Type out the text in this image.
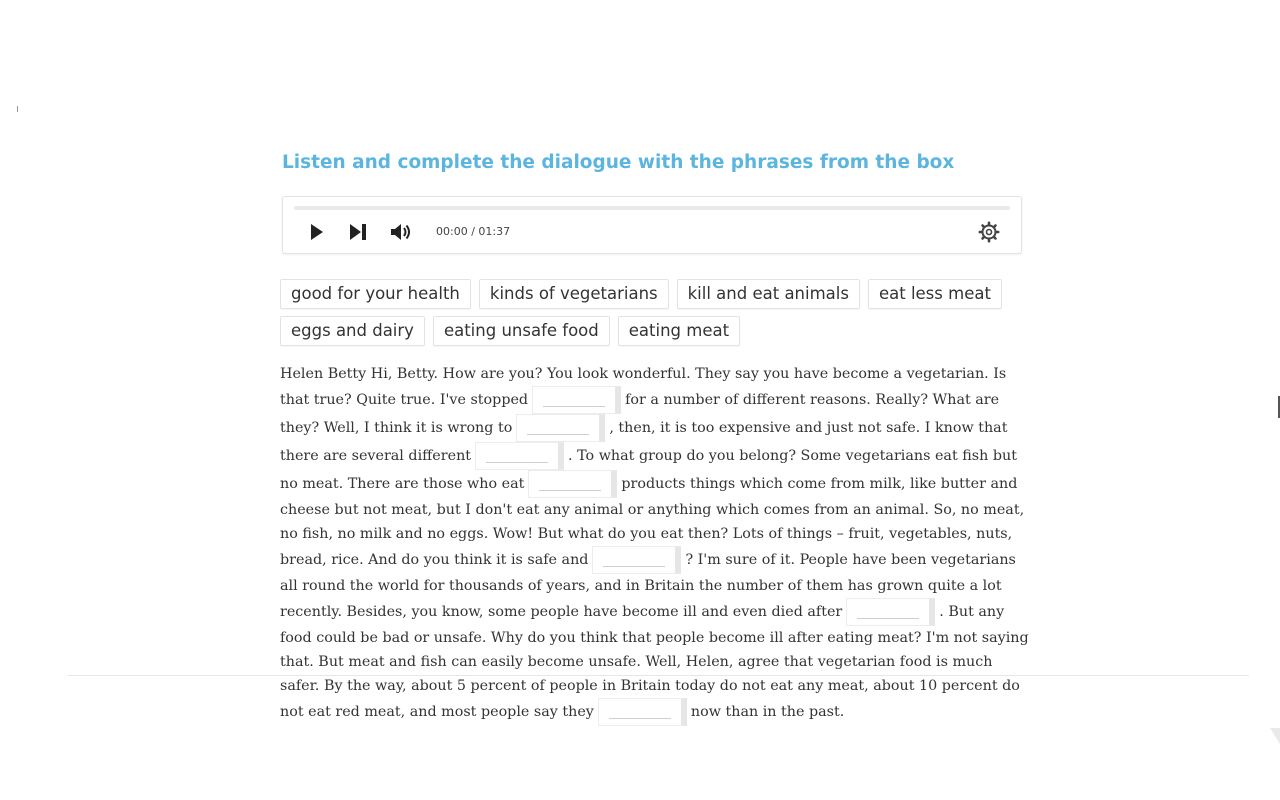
Listen and complete the dialogue with the phrases from the box
00:00 / 01:37
good for your health	kinds of vegetarians	kill and eat animals	eat less meat
eggs and dairy	eating unsafe food	eating meat
Helen Betty Hi, Betty. How are you? You look wonderful. They say you have become a vegetarian. Is that true? Quite true. I've stopped	for a number of different reasons. Really? What are they? Well, I think it is wrong to	, then, it is too expensive and just not safe. I know that there are several different	. To what group do you belong? Some vegetarians eat fish but no meat. There are those who eat	products things which come from milk, like butter and cheese but not meat, but I don't eat any animal or anything which comes from an animal. So, no meat, no fish, no milk and no eggs. Wow! But what do you eat then? Lots of things – fruit, vegetables, nuts, bread, rice. And do you think it is safe and	? I'm sure of it. People have been vegetarians all round the world for thousands of years, and in Britain the number of them has grown quite a lot recently. Besides, you know, some people have become ill and even died after	. But any food could be bad or unsafe. Why do you think that people become ill after eating meat? I'm not saying that. But meat and fish can easily become unsafe. Well, Helen, agree that vegetarian food is much safer. By the way, about 5 percent of people in Britain today do not eat any meat, about 10 percent do not eat red meat, and most people say they	now than in the past.
